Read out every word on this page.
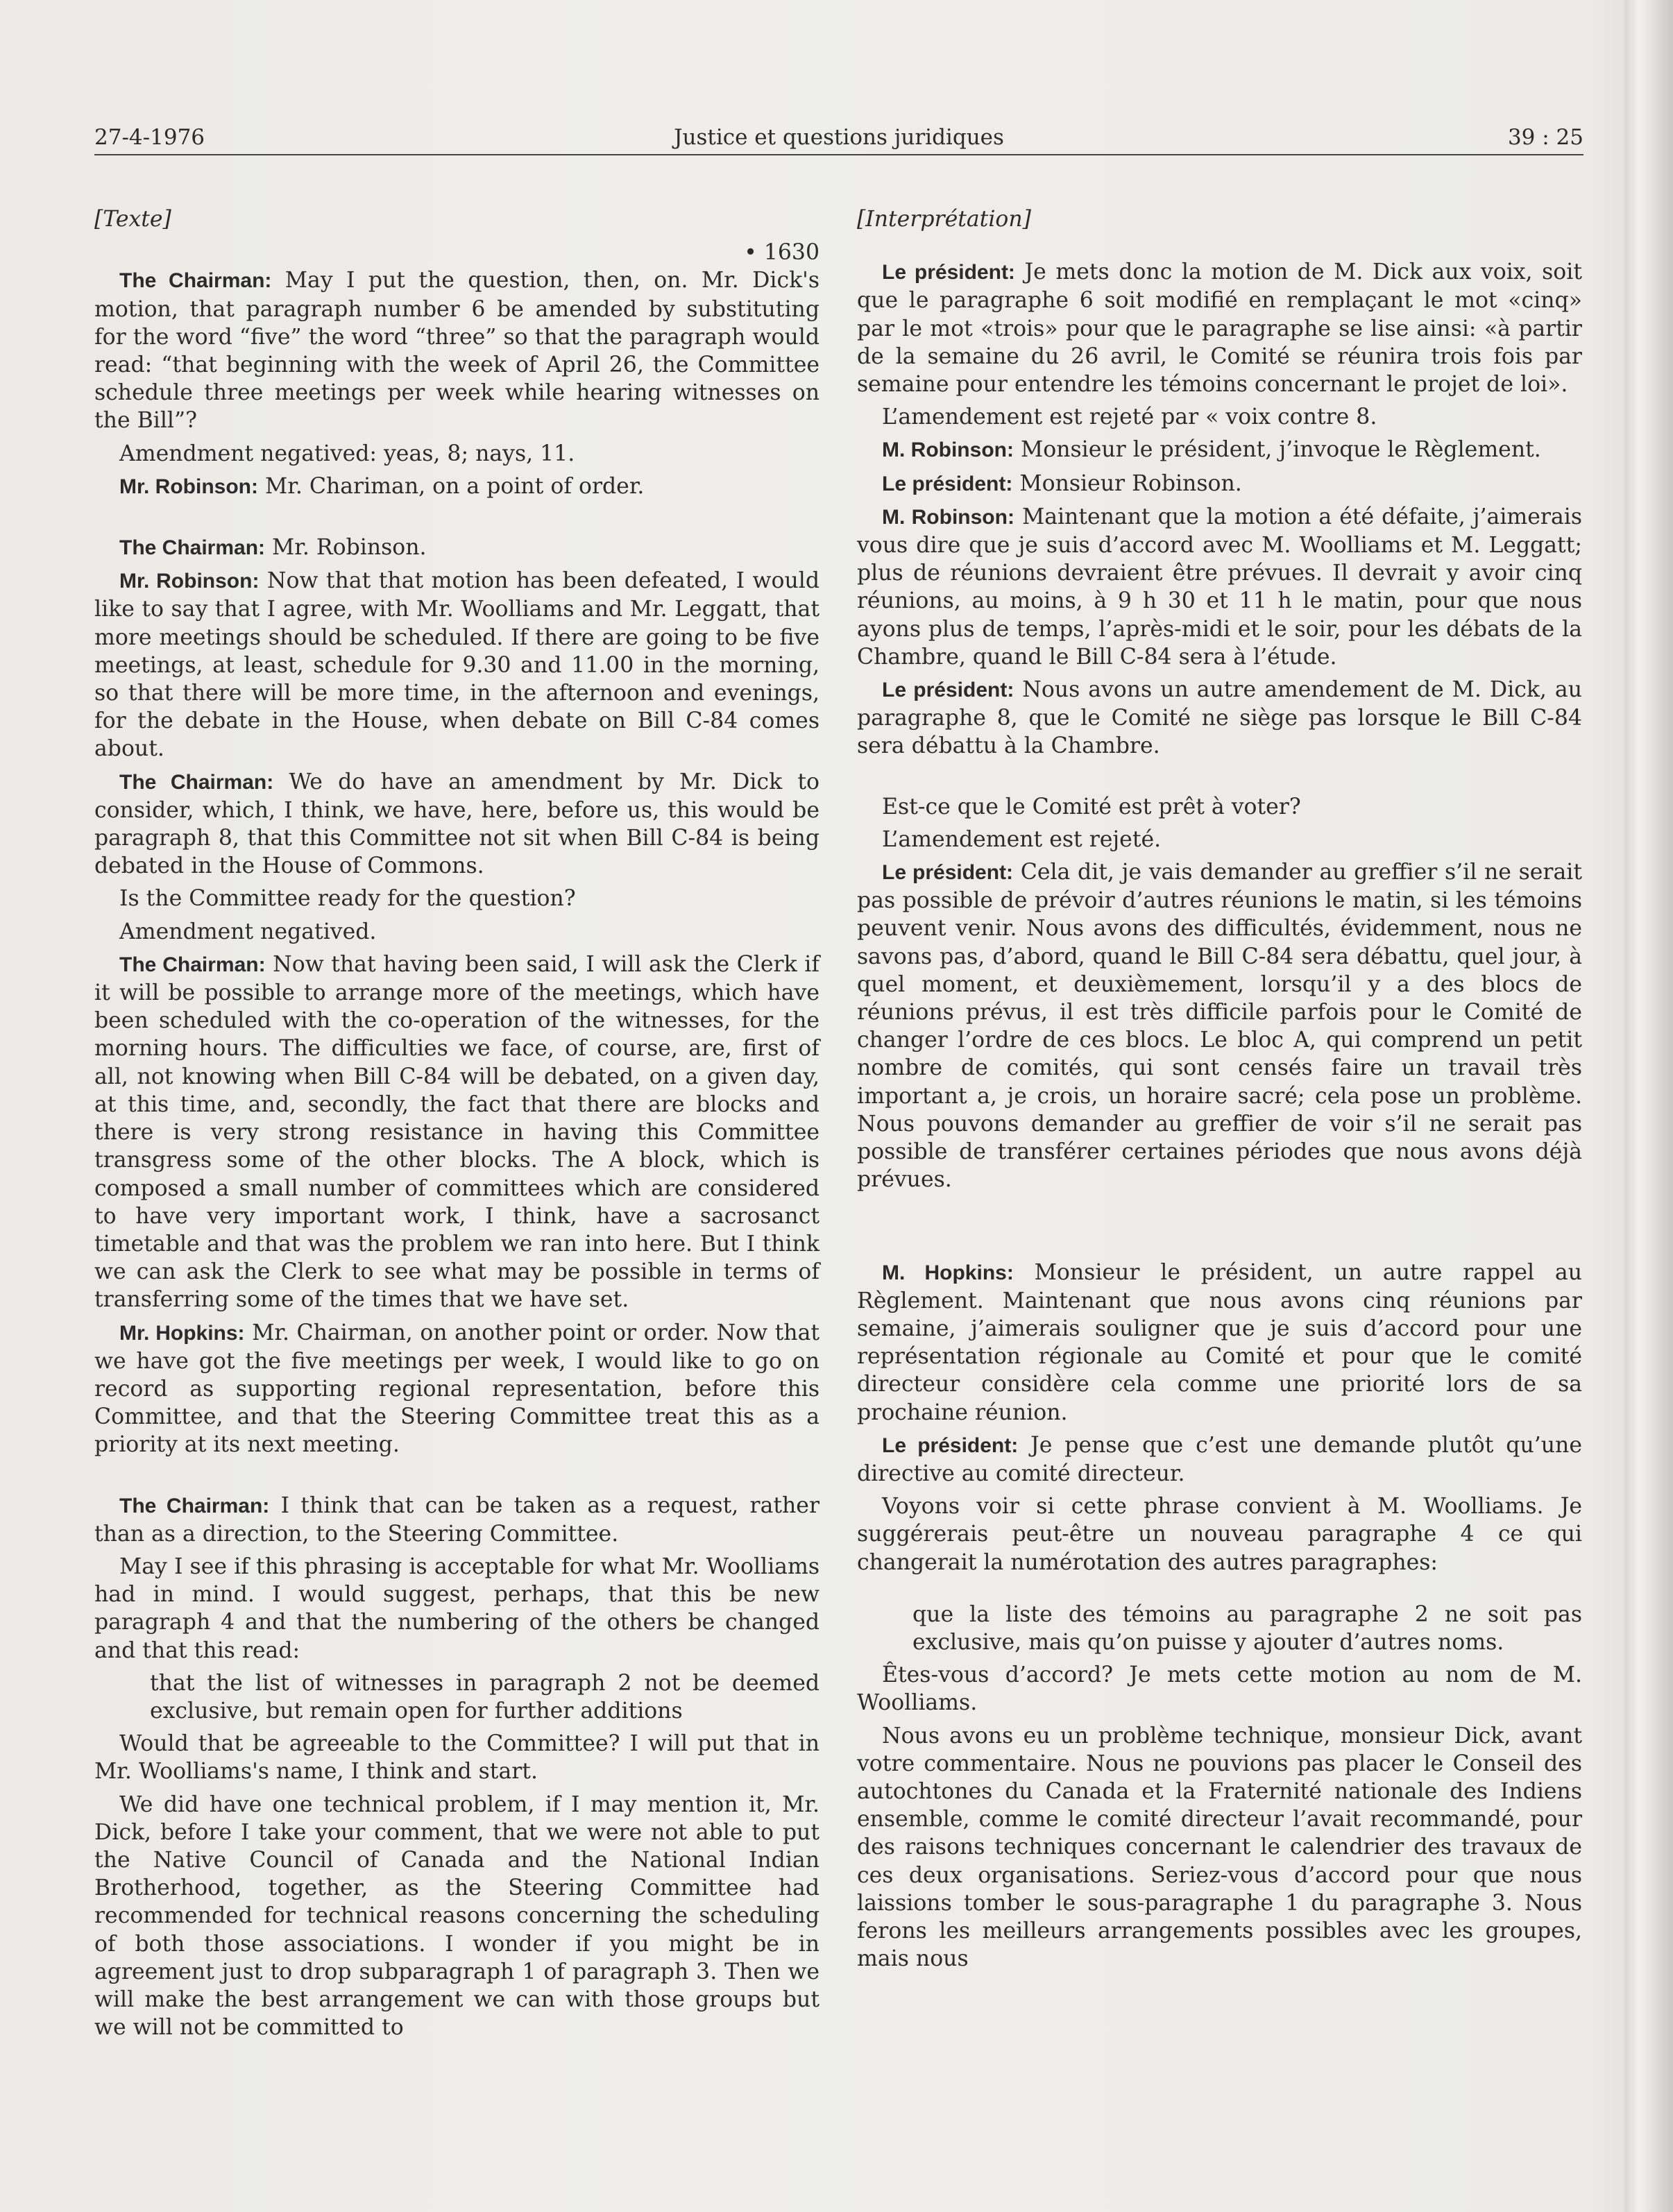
27-4-1976	Justice et questions juridiques	39 : 25

[Texte]

• 1630

The Chairman: May I put the question, then, on. Mr. Dick's motion, that paragraph number 6 be amended by substituting for the word “five” the word “three” so that the paragraph would read: “that beginning with the week of April 26, the Committee schedule three meetings per week while hearing witnesses on the Bill”?

Amendment negatived: yeas, 8; nays, 11.

Mr. Robinson: Mr. Chariman, on a point of order.

The Chairman: Mr. Robinson.

Mr. Robinson: Now that that motion has been defeated, I would like to say that I agree, with Mr. Woolliams and Mr. Leggatt, that more meetings should be scheduled. If there are going to be five meetings, at least, schedule for 9.30 and 11.00 in the morning, so that there will be more time, in the afternoon and evenings, for the debate in the House, when debate on Bill C-84 comes about.

The Chairman: We do have an amendment by Mr. Dick to consider, which, I think, we have, here, before us, this would be paragraph 8, that this Committee not sit when Bill C-84 is being debated in the House of Commons.

Is the Committee ready for the question?

Amendment negatived.

The Chairman: Now that having been said, I will ask the Clerk if it will be possible to arrange more of the meetings, which have been scheduled with the co-operation of the witnesses, for the morning hours. The difficulties we face, of course, are, first of all, not knowing when Bill C-84 will be debated, on a given day, at this time, and, secondly, the fact that there are blocks and there is very strong resistance in having this Committee transgress some of the other blocks. The A block, which is composed a small number of committees which are considered to have very important work, I think, have a sacrosanct timetable and that was the problem we ran into here. But I think we can ask the Clerk to see what may be possible in terms of transferring some of the times that we have set.

Mr. Hopkins: Mr. Chairman, on another point or order. Now that we have got the five meetings per week, I would like to go on record as supporting regional representation, before this Committee, and that the Steering Committee treat this as a priority at its next meeting.

The Chairman: I think that can be taken as a request, rather than as a direction, to the Steering Committee.

May I see if this phrasing is acceptable for what Mr. Woolliams had in mind. I would suggest, perhaps, that this be new paragraph 4 and that the numbering of the others be changed and that this read:

that the list of witnesses in paragraph 2 not be deemed exclusive, but remain open for further additions

Would that be agreeable to the Committee? I will put that in Mr. Woolliams's name, I think and start.

We did have one technical problem, if I may mention it, Mr. Dick, before I take your comment, that we were not able to put the Native Council of Canada and the National Indian Brotherhood, together, as the Steering Committee had recommended for technical reasons concerning the scheduling of both those associations. I wonder if you might be in agreement just to drop subparagraph 1 of paragraph 3. Then we will make the best arrangement we can with those groups but we will not be committed to

[Interprétation]

Le président: Je mets donc la motion de M. Dick aux voix, soit que le paragraphe 6 soit modifié en remplaçant le mot «cinq» par le mot «trois» pour que le paragraphe se lise ainsi: «à partir de la semaine du 26 avril, le Comité se réunira trois fois par semaine pour entendre les témoins concernant le projet de loi».

L’amendement est rejeté par « voix contre 8.

M. Robinson: Monsieur le président, j’invoque le Règlement.

Le président: Monsieur Robinson.

M. Robinson: Maintenant que la motion a été défaite, j’aimerais vous dire que je suis d’accord avec M. Woolliams et M. Leggatt; plus de réunions devraient être prévues. Il devrait y avoir cinq réunions, au moins, à 9 h 30 et 11 h le matin, pour que nous ayons plus de temps, l’après-midi et le soir, pour les débats de la Chambre, quand le Bill C-84 sera à l’étude.

Le président: Nous avons un autre amendement de M. Dick, au paragraphe 8, que le Comité ne siège pas lorsque le Bill C-84 sera débattu à la Chambre.

Est-ce que le Comité est prêt à voter?

L’amendement est rejeté.

Le président: Cela dit, je vais demander au greffier s’il ne serait pas possible de prévoir d’autres réunions le matin, si les témoins peuvent venir. Nous avons des difficultés, évidemment, nous ne savons pas, d’abord, quand le Bill C-84 sera débattu, quel jour, à quel moment, et deuxièmement, lorsqu’il y a des blocs de réunions prévus, il est très difficile parfois pour le Comité de changer l’ordre de ces blocs. Le bloc A, qui comprend un petit nombre de comités, qui sont censés faire un travail très important a, je crois, un horaire sacré; cela pose un problème. Nous pouvons demander au greffier de voir s’il ne serait pas possible de transférer certaines périodes que nous avons déjà prévues.

M. Hopkins: Monsieur le président, un autre rappel au Règlement. Maintenant que nous avons cinq réunions par semaine, j’aimerais souligner que je suis d’accord pour une représentation régionale au Comité et pour que le comité directeur considère cela comme une priorité lors de sa prochaine réunion.

Le président: Je pense que c’est une demande plutôt qu’une directive au comité directeur.

Voyons voir si cette phrase convient à M. Woolliams. Je suggérerais peut-être un nouveau paragraphe 4 ce qui changerait la numérotation des autres paragraphes:

que la liste des témoins au paragraphe 2 ne soit pas exclusive, mais qu’on puisse y ajouter d’autres noms.

Êtes-vous d’accord? Je mets cette motion au nom de M. Woolliams.

Nous avons eu un problème technique, monsieur Dick, avant votre commentaire. Nous ne pouvions pas placer le Conseil des autochtones du Canada et la Fraternité nationale des Indiens ensemble, comme le comité directeur l’avait recommandé, pour des raisons techniques concernant le calendrier des travaux de ces deux organisations. Seriez-vous d’accord pour que nous laissions tomber le sous-paragraphe 1 du paragraphe 3. Nous ferons les meilleurs arrangements possibles avec les groupes, mais nous
